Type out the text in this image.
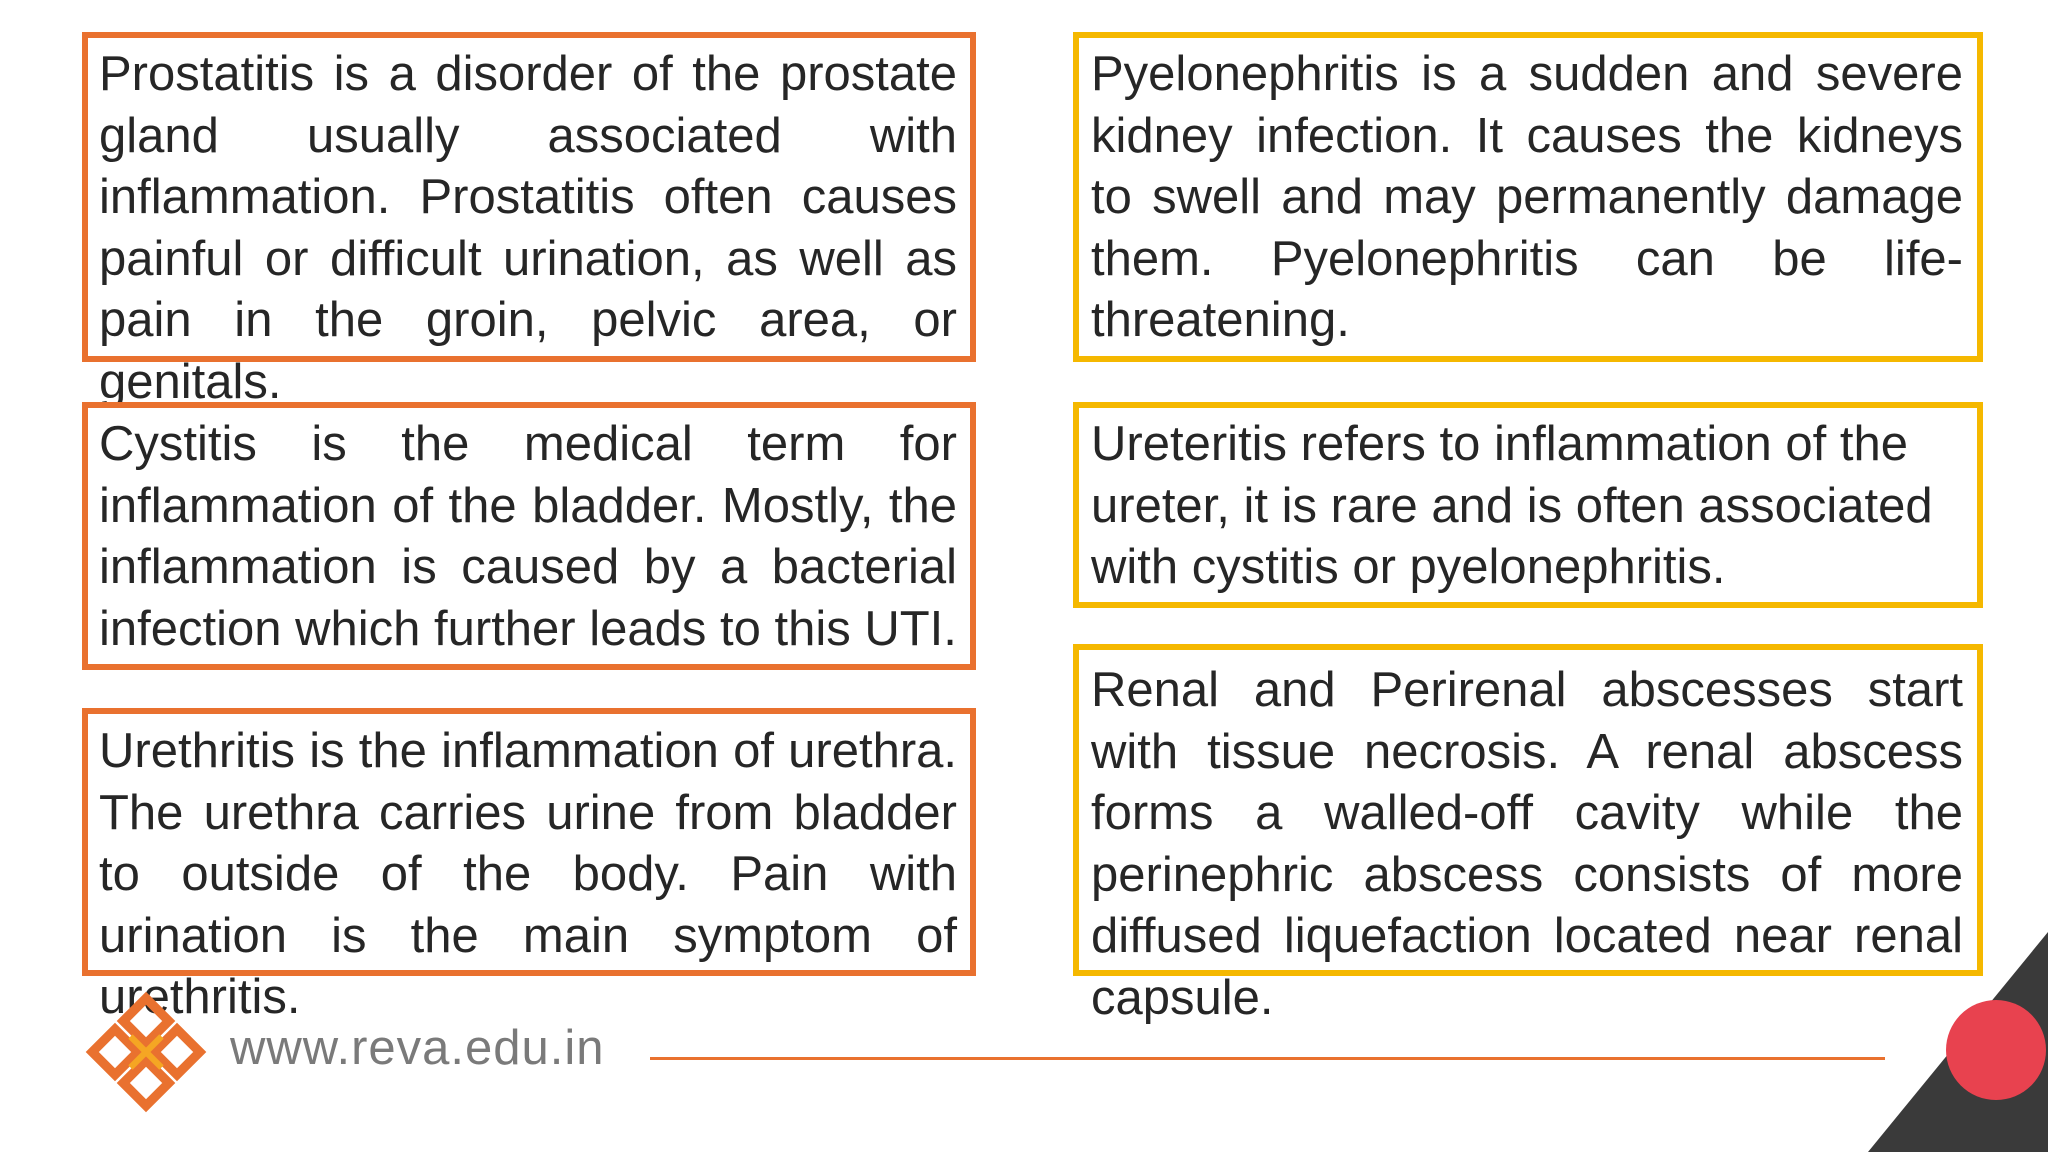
Prostatitis is a disorder of the prostate gland usually associated with inflammation. Prostatitis often causes painful or difficult urination, as well as pain in the groin, pelvic area, or genitals.

Cystitis is the medical term for inflammation of the bladder. Mostly, the inflammation is caused by a bacterial infection which further leads to this UTI.

Urethritis is the inflammation of urethra. The urethra carries urine from bladder to outside of the body. Pain with urination is the main symptom of urethritis.

Pyelonephritis is a sudden and severe kidney infection. It causes the kidneys to swell and may permanently damage them. Pyelonephritis can be life-threatening.

Ureteritis refers to inflammation of the ureter, it is rare and is often associated with cystitis or pyelonephritis.

Renal and Perirenal abscesses start with tissue necrosis. A renal abscess forms a walled-off cavity while the perinephric abscess consists of more diffused liquefaction located near renal capsule.

www.reva.edu.in
